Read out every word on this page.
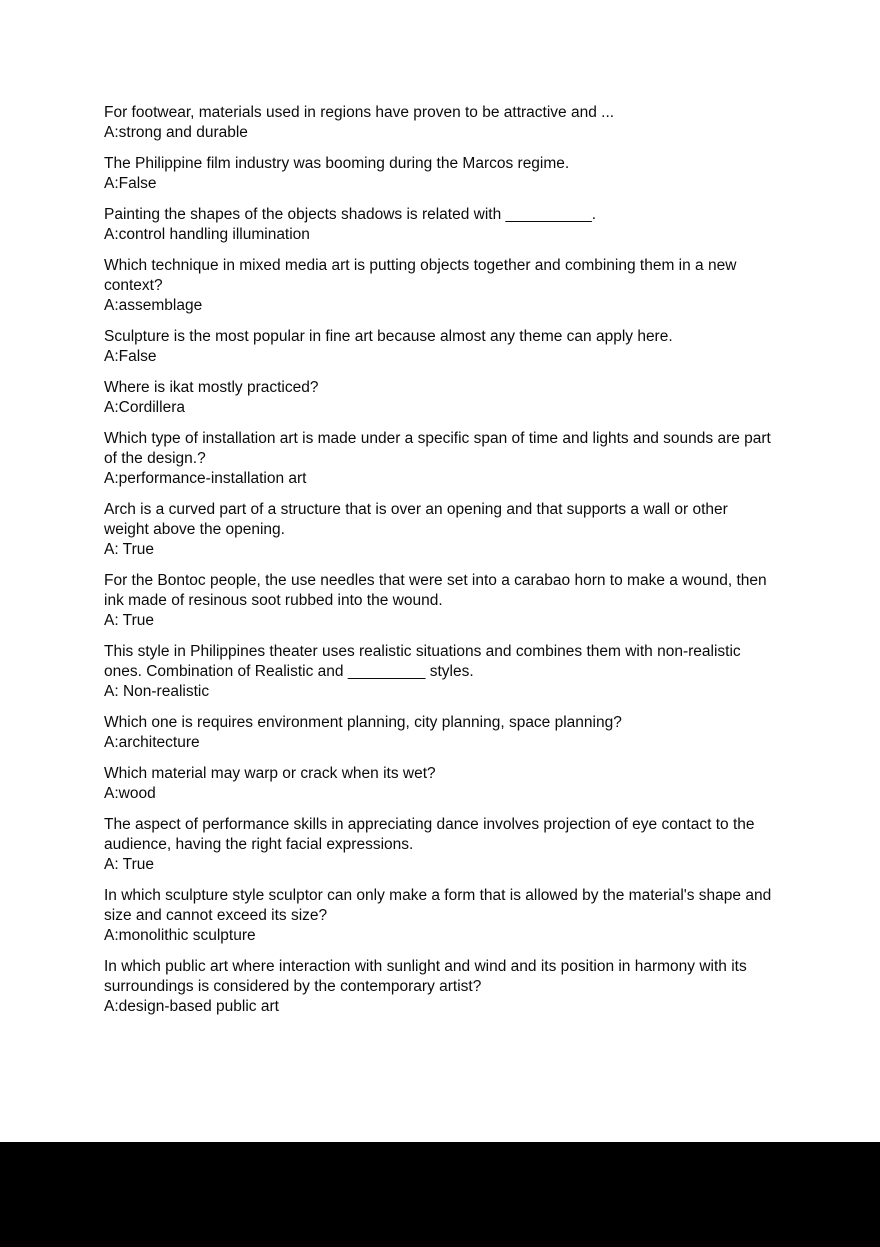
For footwear, materials used in regions have proven to be attractive and ...
A:strong and durable
The Philippine film industry was booming during the Marcos regime.
A:False
Painting the shapes of the objects shadows is related with __________.
A:control handling illumination
Which technique in mixed media art is putting objects together and combining them in a new context?
A:assemblage
Sculpture is the most popular in fine art because almost any theme can apply here.
A:False
Where is ikat mostly practiced?
A:Cordillera
Which type of installation art is made under a specific span of time and lights and sounds are part of the design.?
A:performance-installation art
Arch is a curved part of a structure that is over an opening and that supports a wall or other weight above the opening.
A: True
For the Bontoc people, the use needles that were set into a carabao horn to make a wound, then ink made of resinous soot rubbed into the wound.
A: True
This style in Philippines theater uses realistic situations and combines them with non-realistic ones. Combination of Realistic and _________ styles.
A: Non-realistic
Which one is requires environment planning, city planning, space planning?
A:architecture
Which material may warp or crack when its wet?
A:wood
The aspect of performance skills in appreciating dance involves projection of eye contact to the audience, having the right facial expressions.
A: True
In which sculpture style sculptor can only make a form that is allowed by the material's shape and size and cannot exceed its size?
A:monolithic sculpture
In which public art where interaction with sunlight and wind and its position in harmony with its surroundings is considered by the contemporary artist?
A:design-based public art
